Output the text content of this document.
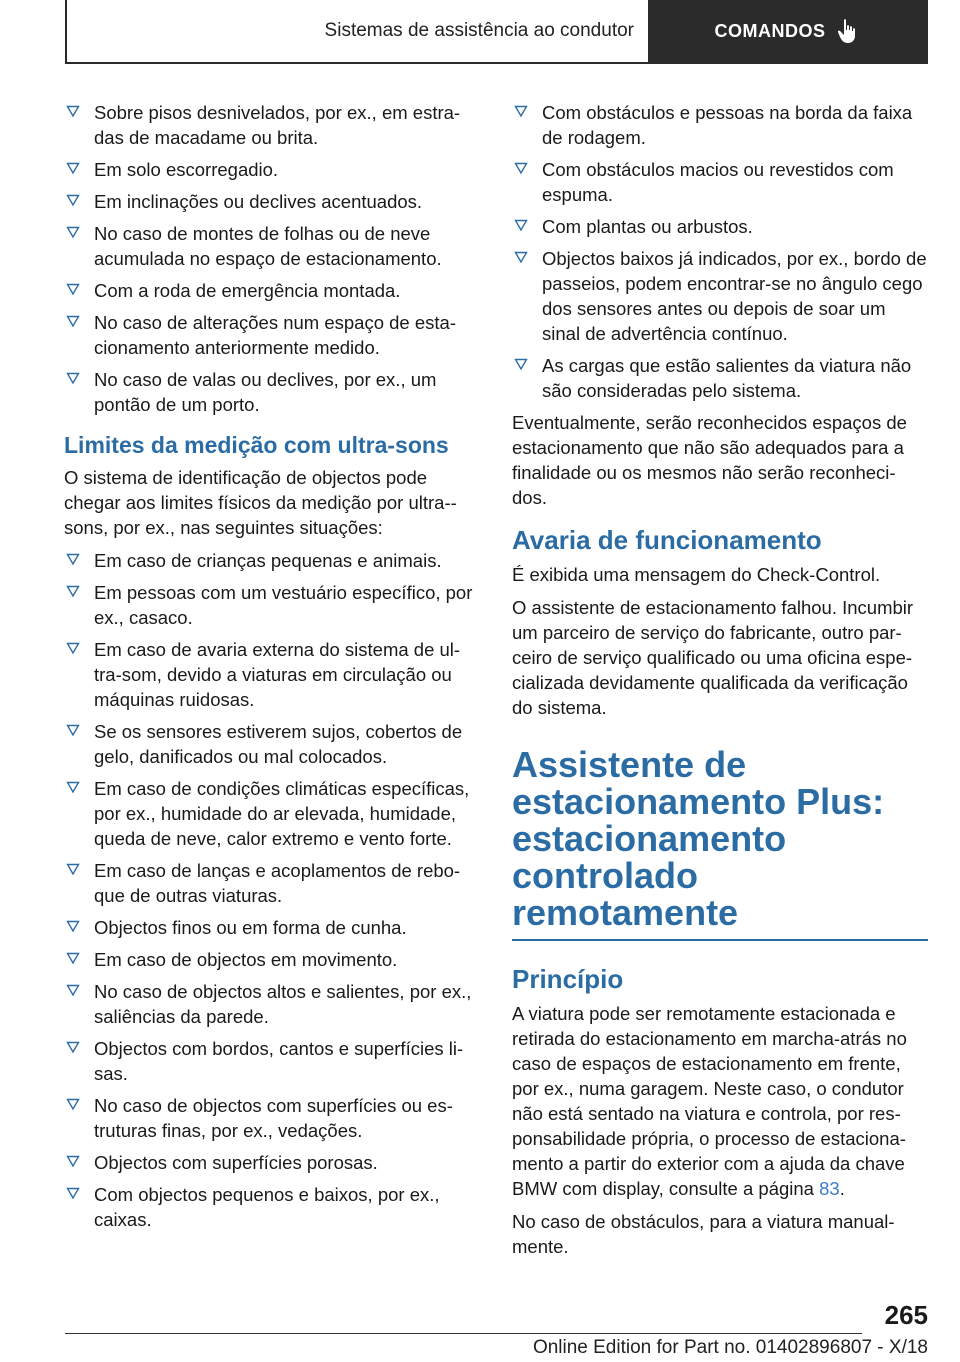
Sistemas de assistência ao condutor	COMANDOS
Sobre pisos desnivelados, por ex., em estra‐das de macadame ou brita.
Em solo escorregadio.
Em inclinações ou declives acentuados.
No caso de montes de folhas ou de neve acumulada no espaço de estacionamento.
Com a roda de emergência montada.
No caso de alterações num espaço de esta‐cionamento anteriormente medido.
No caso de valas ou declives, por ex., um pontão de um porto.
Limites da medição com ultra-sons

O sistema de identificação de objectos pode chegar aos limites físicos da medição por ultra‐-sons, por ex., nas seguintes situações:

Em caso de crianças pequenas e animais.
Em pessoas com um vestuário específico, por ex., casaco.
Em caso de avaria externa do sistema de ul‐tra-som, devido a viaturas em circulação ou máquinas ruidosas.
Se os sensores estiverem sujos, cobertos de gelo, danificados ou mal colocados.
Em caso de condições climáticas específicas, por ex., humidade do ar elevada, humidade, queda de neve, calor extremo e vento forte.
Em caso de lanças e acoplamentos de rebo‐que de outras viaturas.
Objectos finos ou em forma de cunha.
Em caso de objectos em movimento.
No caso de objectos altos e salientes, por ex., saliências da parede.
Objectos com bordos, cantos e superfícies li‐sas.
No caso de objectos com superfícies ou es‐truturas finas, por ex., vedações.
Objectos com superfícies porosas.
Com objectos pequenos e baixos, por ex., caixas.
Com obstáculos e pessoas na borda da faixa de rodagem.
Com obstáculos macios ou revestidos com espuma.
Com plantas ou arbustos.
Objectos baixos já indicados, por ex., bordo de passeios, podem encontrar-se no ângulo cego dos sensores antes ou depois de soar um sinal de advertência contínuo.
As cargas que estão salientes da viatura não são consideradas pelo sistema.

Eventualmente, serão reconhecidos espaços de estacionamento que não são adequados para a finalidade ou os mesmos não serão reconheci‐dos.

Avaria de funcionamento

É exibida uma mensagem do Check-Control.

O assistente de estacionamento falhou. Incumbir um parceiro de serviço do fabricante, outro par‐ceiro de serviço qualificado ou uma oficina espe‐cializada devidamente qualificada da verificação do sistema.

Assistente de estacionamento Plus: estacionamento controlado remotamente
Princípio

A viatura pode ser remotamente estacionada e retirada do estacionamento em marcha-atrás no caso de espaços de estacionamento em frente, por ex., numa garagem. Neste caso, o condutor não está sentado na viatura e controla, por res‐ponsabilidade própria, o processo de estaciona‐mento a partir do exterior com a ajuda da chave BMW com display, consulte a página 83.

No caso de obstáculos, para a viatura manual‐mente.

265
Online Edition for Part no. 01402896807 - X/18
